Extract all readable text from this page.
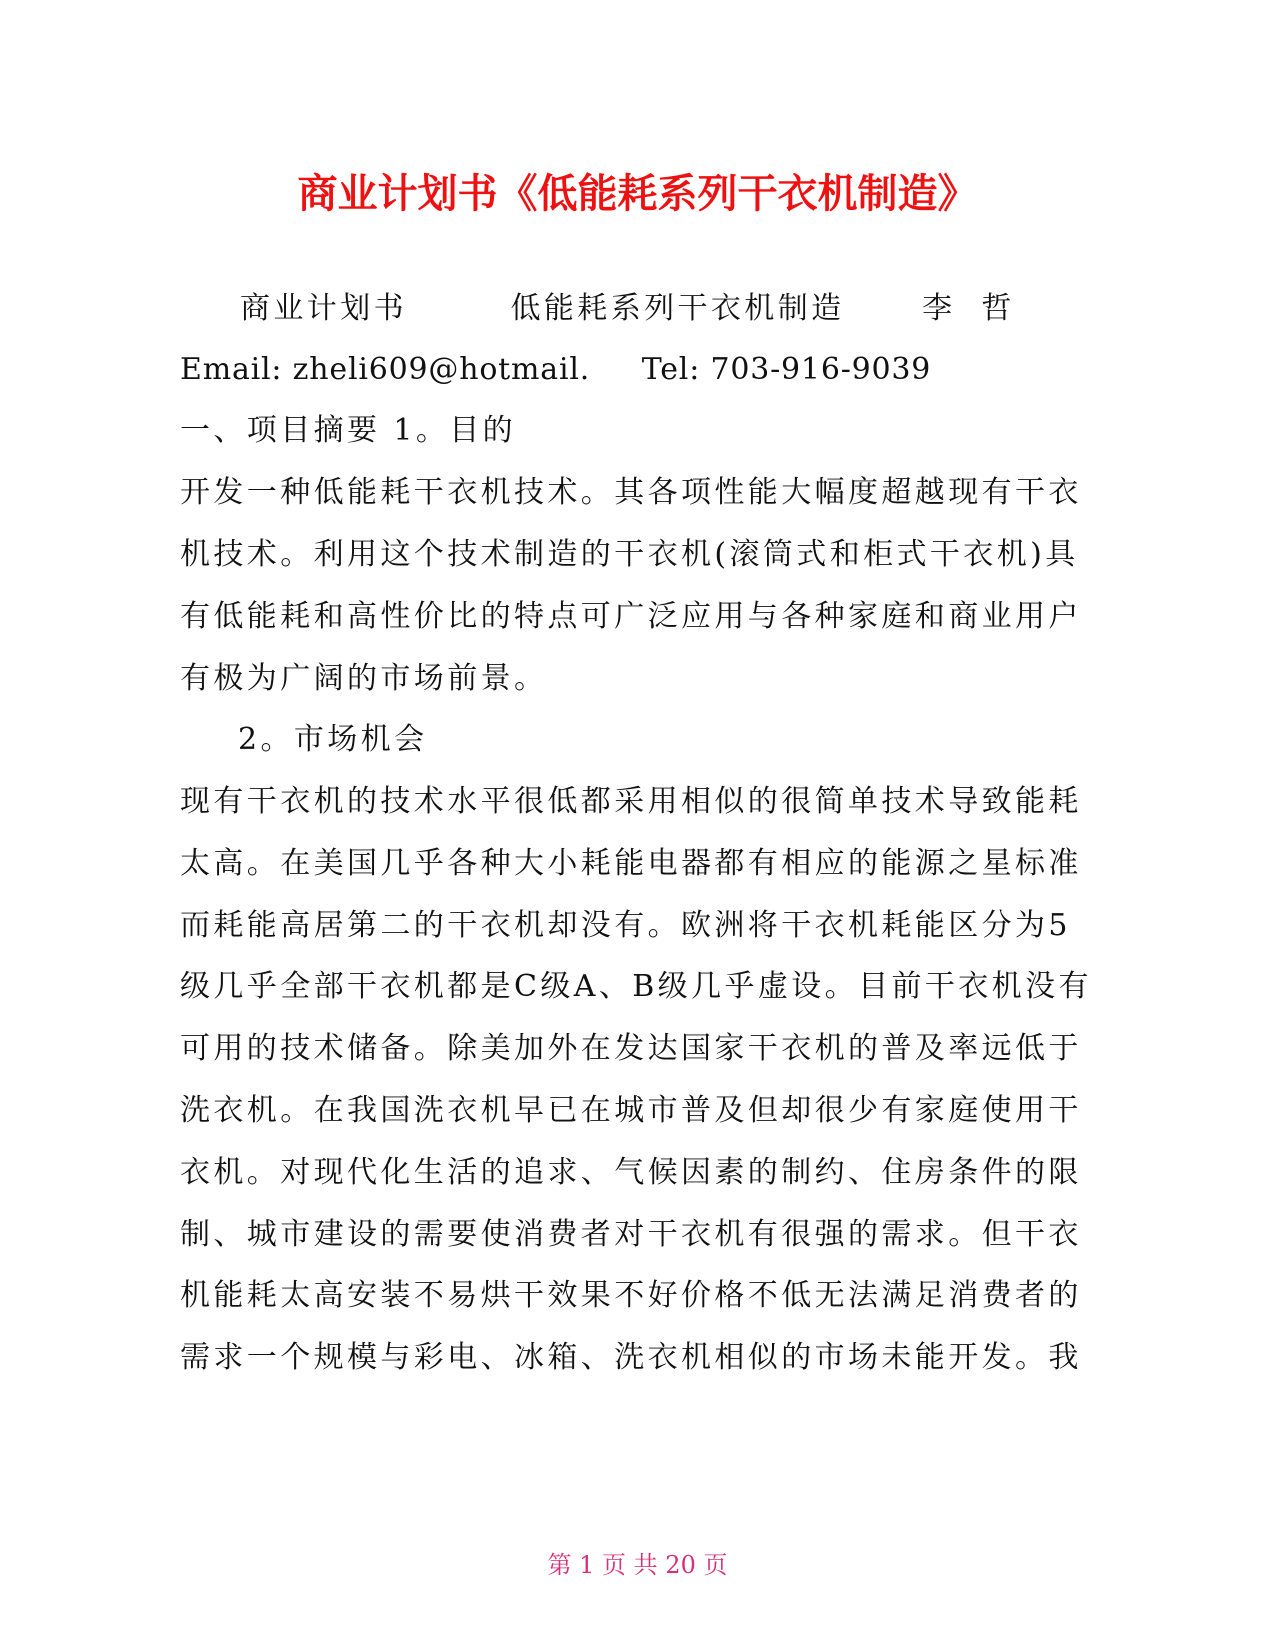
商业计划书《低能耗系列干衣机制造》
商业计划书        低能耗系列干衣机制造      李  哲
Email: zheli609@hotmail.     Tel: 703-916-9039
一、项目摘要 1。目的
开发一种低能耗干衣机技术。其各项性能大幅度超越现有干衣
机技术。利用这个技术制造的干衣机(滚筒式和柜式干衣机)具
有低能耗和高性价比的特点可广泛应用与各种家庭和商业用户
有极为广阔的市场前景。
2。市场机会
现有干衣机的技术水平很低都采用相似的很简单技术导致能耗
太高。在美国几乎各种大小耗能电器都有相应的能源之星标准
而耗能高居第二的干衣机却没有。欧洲将干衣机耗能区分为5
级几乎全部干衣机都是C级A、B级几乎虚设。目前干衣机没有
可用的技术储备。除美加外在发达国家干衣机的普及率远低于
洗衣机。在我国洗衣机早已在城市普及但却很少有家庭使用干
衣机。对现代化生活的追求、气候因素的制约、住房条件的限
制、城市建设的需要使消费者对干衣机有很强的需求。但干衣
机能耗太高安装不易烘干效果不好价格不低无法满足消费者的
需求一个规模与彩电、冰箱、洗衣机相似的市场未能开发。我
第 1 页 共 20 页
